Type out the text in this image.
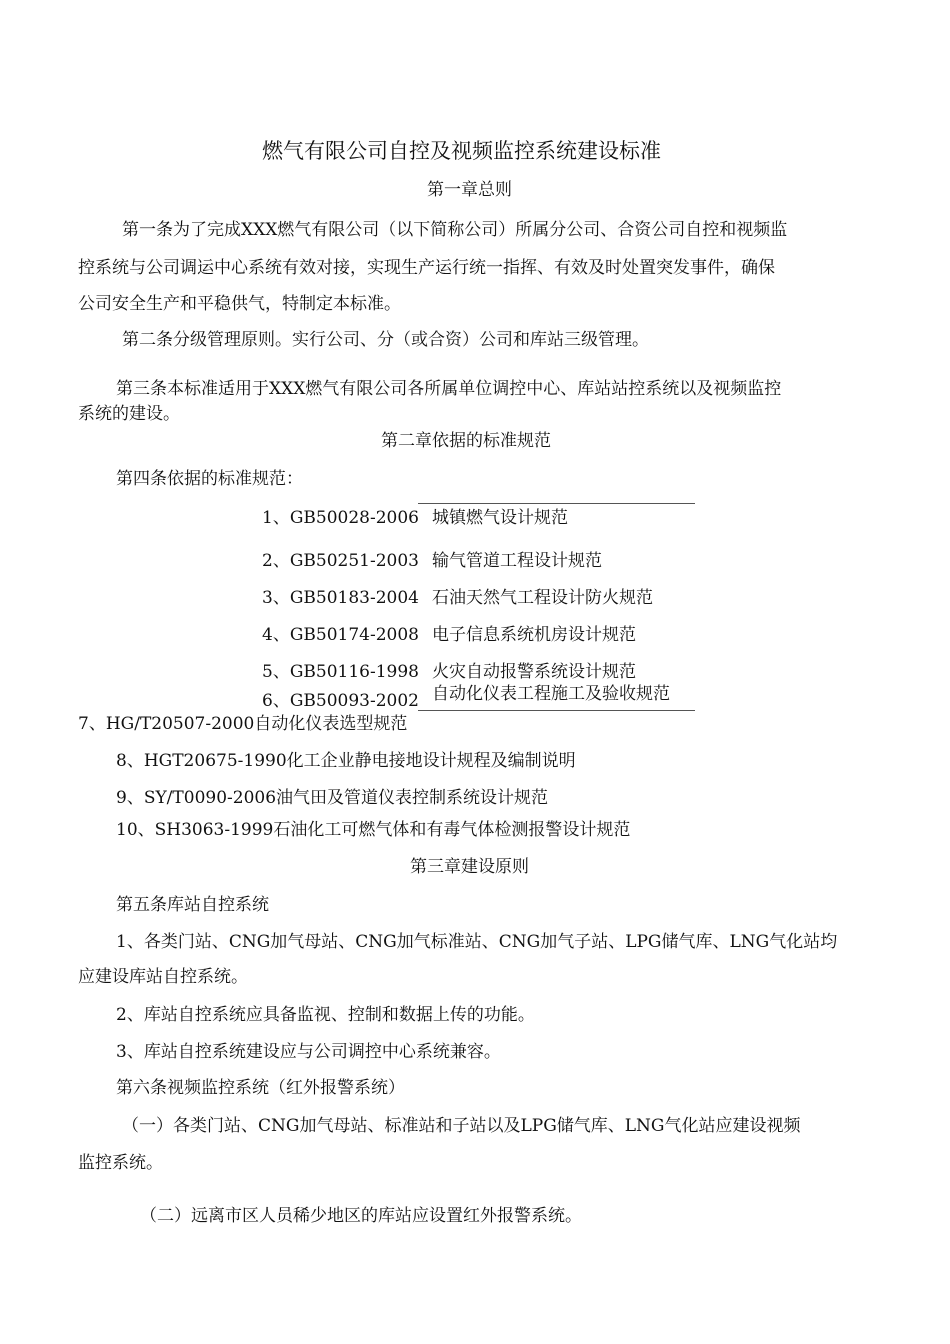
燃气有限公司自控及视频监控系统建设标准
第一章总则
第一条为了完成XXX燃气有限公司（以下简称公司）所属分公司、合资公司自控和视频监
控系统与公司调运中心系统有效对接，实现生产运行统一指挥、有效及时处置突发事件，确保
公司安全生产和平稳供气，特制定本标准。
第二条分级管理原则。实行公司、分（或合资）公司和库站三级管理。
第三条本标准适用于XXX燃气有限公司各所属单位调控中心、库站站控系统以及视频监控
系统的建设。
第二章依据的标准规范
第四条依据的标准规范：
1、GB50028-2006 城镇燃气设计规范
2、GB50251-2003 输气管道工程设计规范
3、GB50183-2004 石油天然气工程设计防火规范
4、GB50174-2008 电子信息系统机房设计规范
5、GB50116-1998 火灾自动报警系统设计规范
6、GB50093-2002 自动化仪表工程施工及验收规范
7、HG/T20507-2000自动化仪表选型规范
8、HGT20675-1990化工企业静电接地设计规程及编制说明
9、SY/T0090-2006油气田及管道仪表控制系统设计规范
10、SH3063-1999石油化工可燃气体和有毒气体检测报警设计规范
第三章建设原则
第五条库站自控系统
1、各类门站、CNG加气母站、CNG加气标准站、CNG加气子站、LPG储气库、LNG气化站均
应建设库站自控系统。
2、库站自控系统应具备监视、控制和数据上传的功能。
3、库站自控系统建设应与公司调控中心系统兼容。
第六条视频监控系统（红外报警系统）
（一）各类门站、CNG加气母站、标准站和子站以及LPG储气库、LNG气化站应建设视频
监控系统。
（二）远离市区人员稀少地区的库站应设置红外报警系统。
